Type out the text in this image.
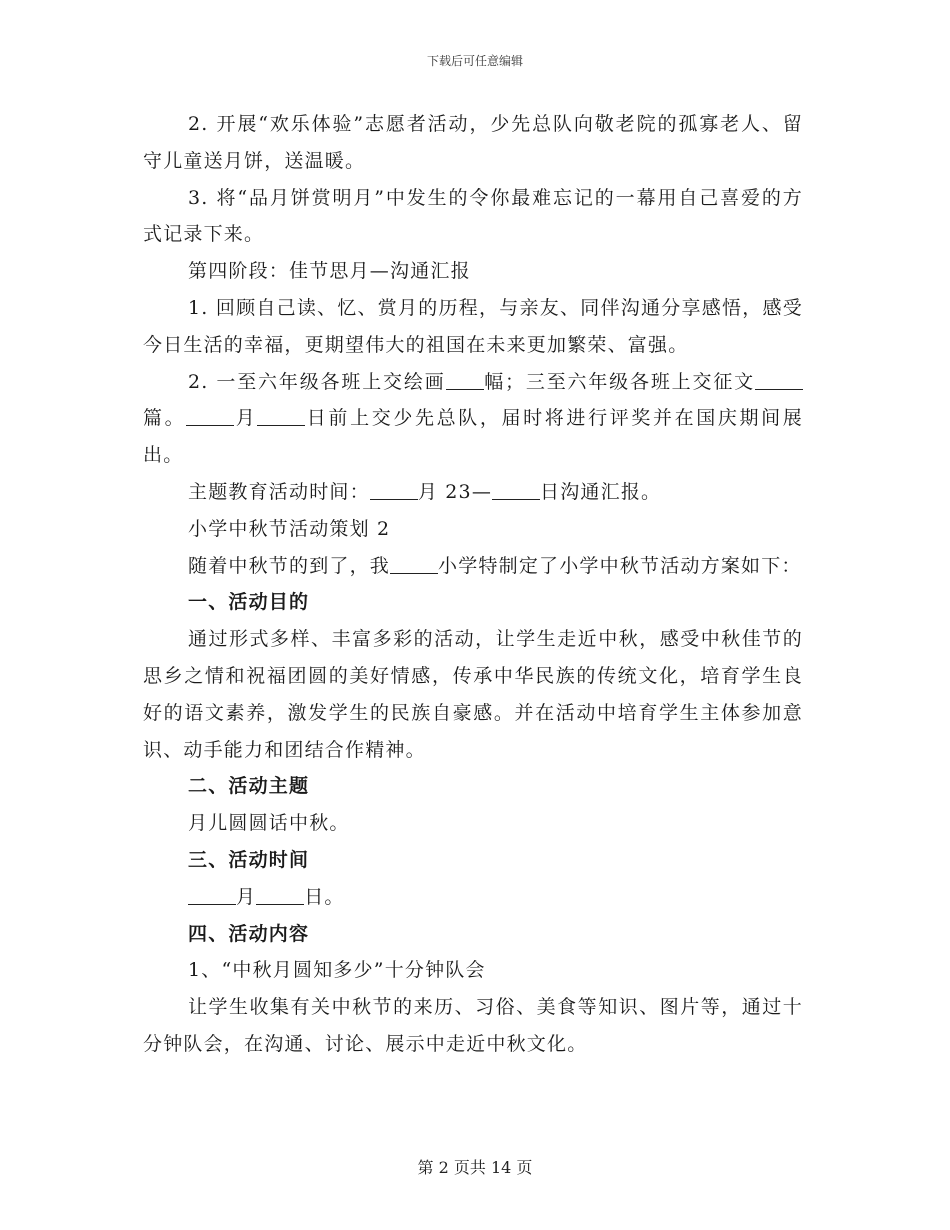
下载后可任意编辑

2. 开展“欢乐体验”志愿者活动，少先总队向敬老院的孤寡老人、留守儿童送月饼，送温暖。

3. 将“品月饼赏明月”中发生的令你最难忘记的一幕用自己喜爱的方式记录下来。

第四阶段：佳节思月—沟通汇报

1. 回顾自己读、忆、赏月的历程，与亲友、同伴沟通分享感悟，感受今日生活的幸福，更期望伟大的祖国在未来更加繁荣、富强。

2. 一至六年级各班上交绘画 幅；三至六年级各班上交征文篇。	月	日前上交少先总队，届时将进行评奖并在国庆期间展出。

主题教育活动时间：	月 23—	日沟通汇报。

小学中秋节活动策划 2

随着中秋节的到了，我	小学特制定了小学中秋节活动方案如下：

一、活动目的

通过形式多样、丰富多彩的活动，让学生走近中秋，感受中秋佳节的思乡之情和祝福团圆的美好情感，传承中华民族的传统文化，培育学生良好的语文素养，激发学生的民族自豪感。并在活动中培育学生主体参加意识、动手能力和团结合作精神。

二、活动主题

月儿圆圆话中秋。

三、活动时间

月	日。

四、活动内容

1、“中秋月圆知多少”十分钟队会

让学生收集有关中秋节的来历、习俗、美食等知识、图片等，通过十分钟队会，在沟通、讨论、展示中走近中秋文化。

第 2 页共 14 页
